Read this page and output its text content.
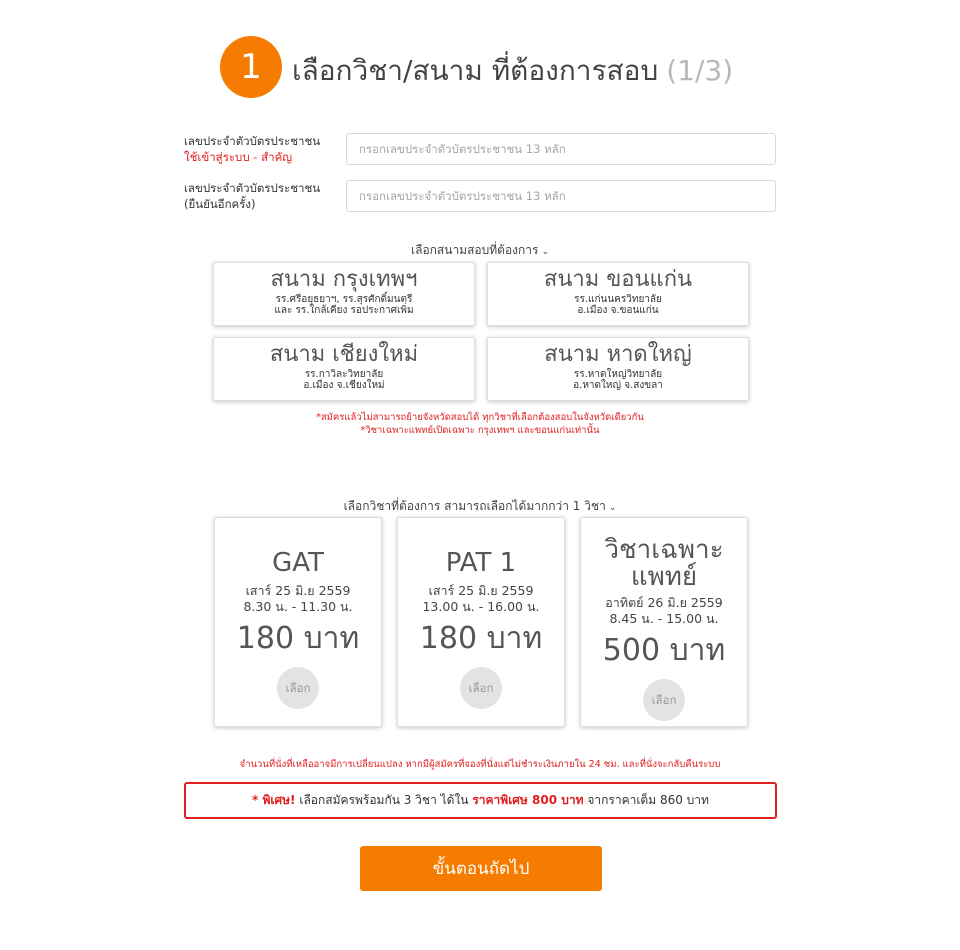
1	เลือกวิชา/สนาม ที่ต้องการสอบ (1/3)
เลขประจำตัวบัตรประชาชน
ใช้เข้าสู่ระบบ - สำคัญ
กรอกเลขประจำตัวบัตรประชาชน 13 หลัก
เลขประจำตัวบัตรประชาชน
(ยืนยันอีกครั้ง)
กรอกเลขประจำตัวบัตรประชาชน 13 หลัก
เลือกสนามสอบที่ต้องการ ⌄
สนาม กรุงเทพฯ
รร.ศรีอยุธยาฯ, รร.สุรศักดิ์มนตรี
และ รร.ใกล้เคียง รอประกาศเพิ่ม
สนาม ขอนแก่น
รร.แก่นนครวิทยาลัย
อ.เมือง จ.ขอนแก่น
สนาม เชียงใหม่
รร.กาวิละวิทยาลัย
อ.เมือง จ.เชียงใหม่
สนาม หาดใหญ่
รร.หาดใหญ่วิทยาลัย
อ.หาดใหญ่ จ.สงขลา
*สมัครแล้วไม่สามารถย้ายจังหวัดสอบได้ ทุกวิชาที่เลือกต้องสอบในจังหวัดเดียวกัน
*วิชาเฉพาะแพทย์เปิดเฉพาะ กรุงเทพฯ และขอนแก่นเท่านั้น
เลือกวิชาที่ต้องการ สามารถเลือกได้มากกว่า 1 วิชา ⌄
GAT
เสาร์ 25 มิ.ย 2559
8.30 น. - 11.30 น.
180 บาท
เลือก
PAT 1
เสาร์ 25 มิ.ย 2559
13.00 น. - 16.00 น.
180 บาท
เลือก
วิชาเฉพาะ
แพทย์
อาทิตย์ 26 มิ.ย 2559
8.45 น. - 15.00 น.
500 บาท
เลือก
จำนวนที่นั่งที่เหลืออาจมีการเปลี่ยนแปลง หากมีผู้สมัครที่จองที่นั่งแต่ไม่ชำระเงินภายใน 24 ชม. และที่นั่งจะกลับคืนระบบ
* พิเศษ! เลือกสมัครพร้อมกัน 3 วิชา ได้ใน ราคาพิเศษ 800 บาท จากราคาเต็ม 860 บาท
ขั้นตอนถัดไป
